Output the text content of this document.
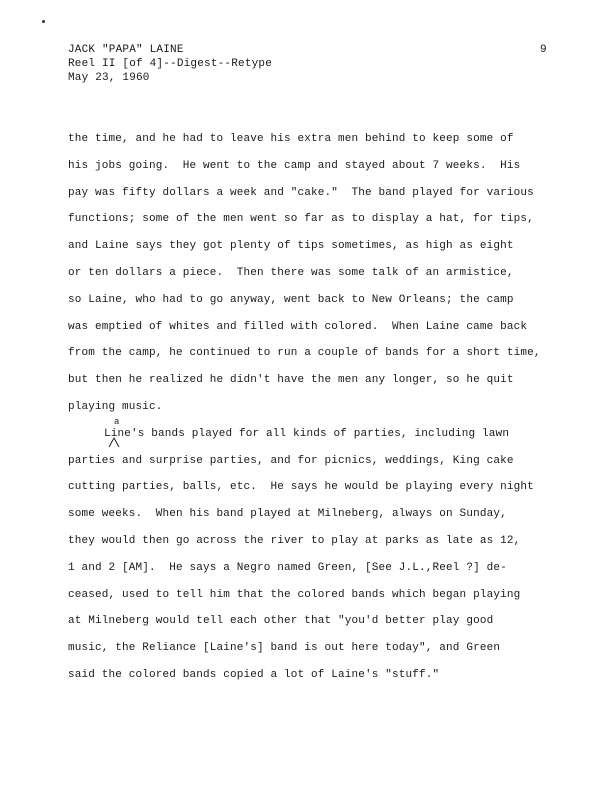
JACK "PAPA" LAINE
Reel II [of 4]--Digest--Retype
May 23, 1960
9
the time, and he had to leave his extra men behind to keep some of
his jobs going.  He went to the camp and stayed about 7 weeks.  His
pay was fifty dollars a week and "cake."  The band played for various
functions; some of the men went so far as to display a hat, for tips,
and Laine says they got plenty of tips sometimes, as high as eight
or ten dollars a piece.  Then there was some talk of an armistice,
so Laine, who had to go anyway, went back to New Orleans; the camp
was emptied of whites and filled with colored.  When Laine came back
from the camp, he continued to run a couple of bands for a short time,
but then he realized he didn't have the men any longer, so he quit
playing music.
Line's bands played for all kinds of parties, including lawn
parties and surprise parties, and for picnics, weddings, King cake
cutting parties, balls, etc.  He says he would be playing every night
some weeks.  When his band played at Milneberg, always on Sunday,
they would then go across the river to play at parks as late as 12,
1 and 2 [AM].  He says a Negro named Green, [See J.L.,Reel ?] de-
ceased, used to tell him that the colored bands which began playing
at Milneberg would tell each other that "you'd better play good
music, the Reliance [Laine's] band is out here today", and Green
said the colored bands copied a lot of Laine's "stuff."
a
